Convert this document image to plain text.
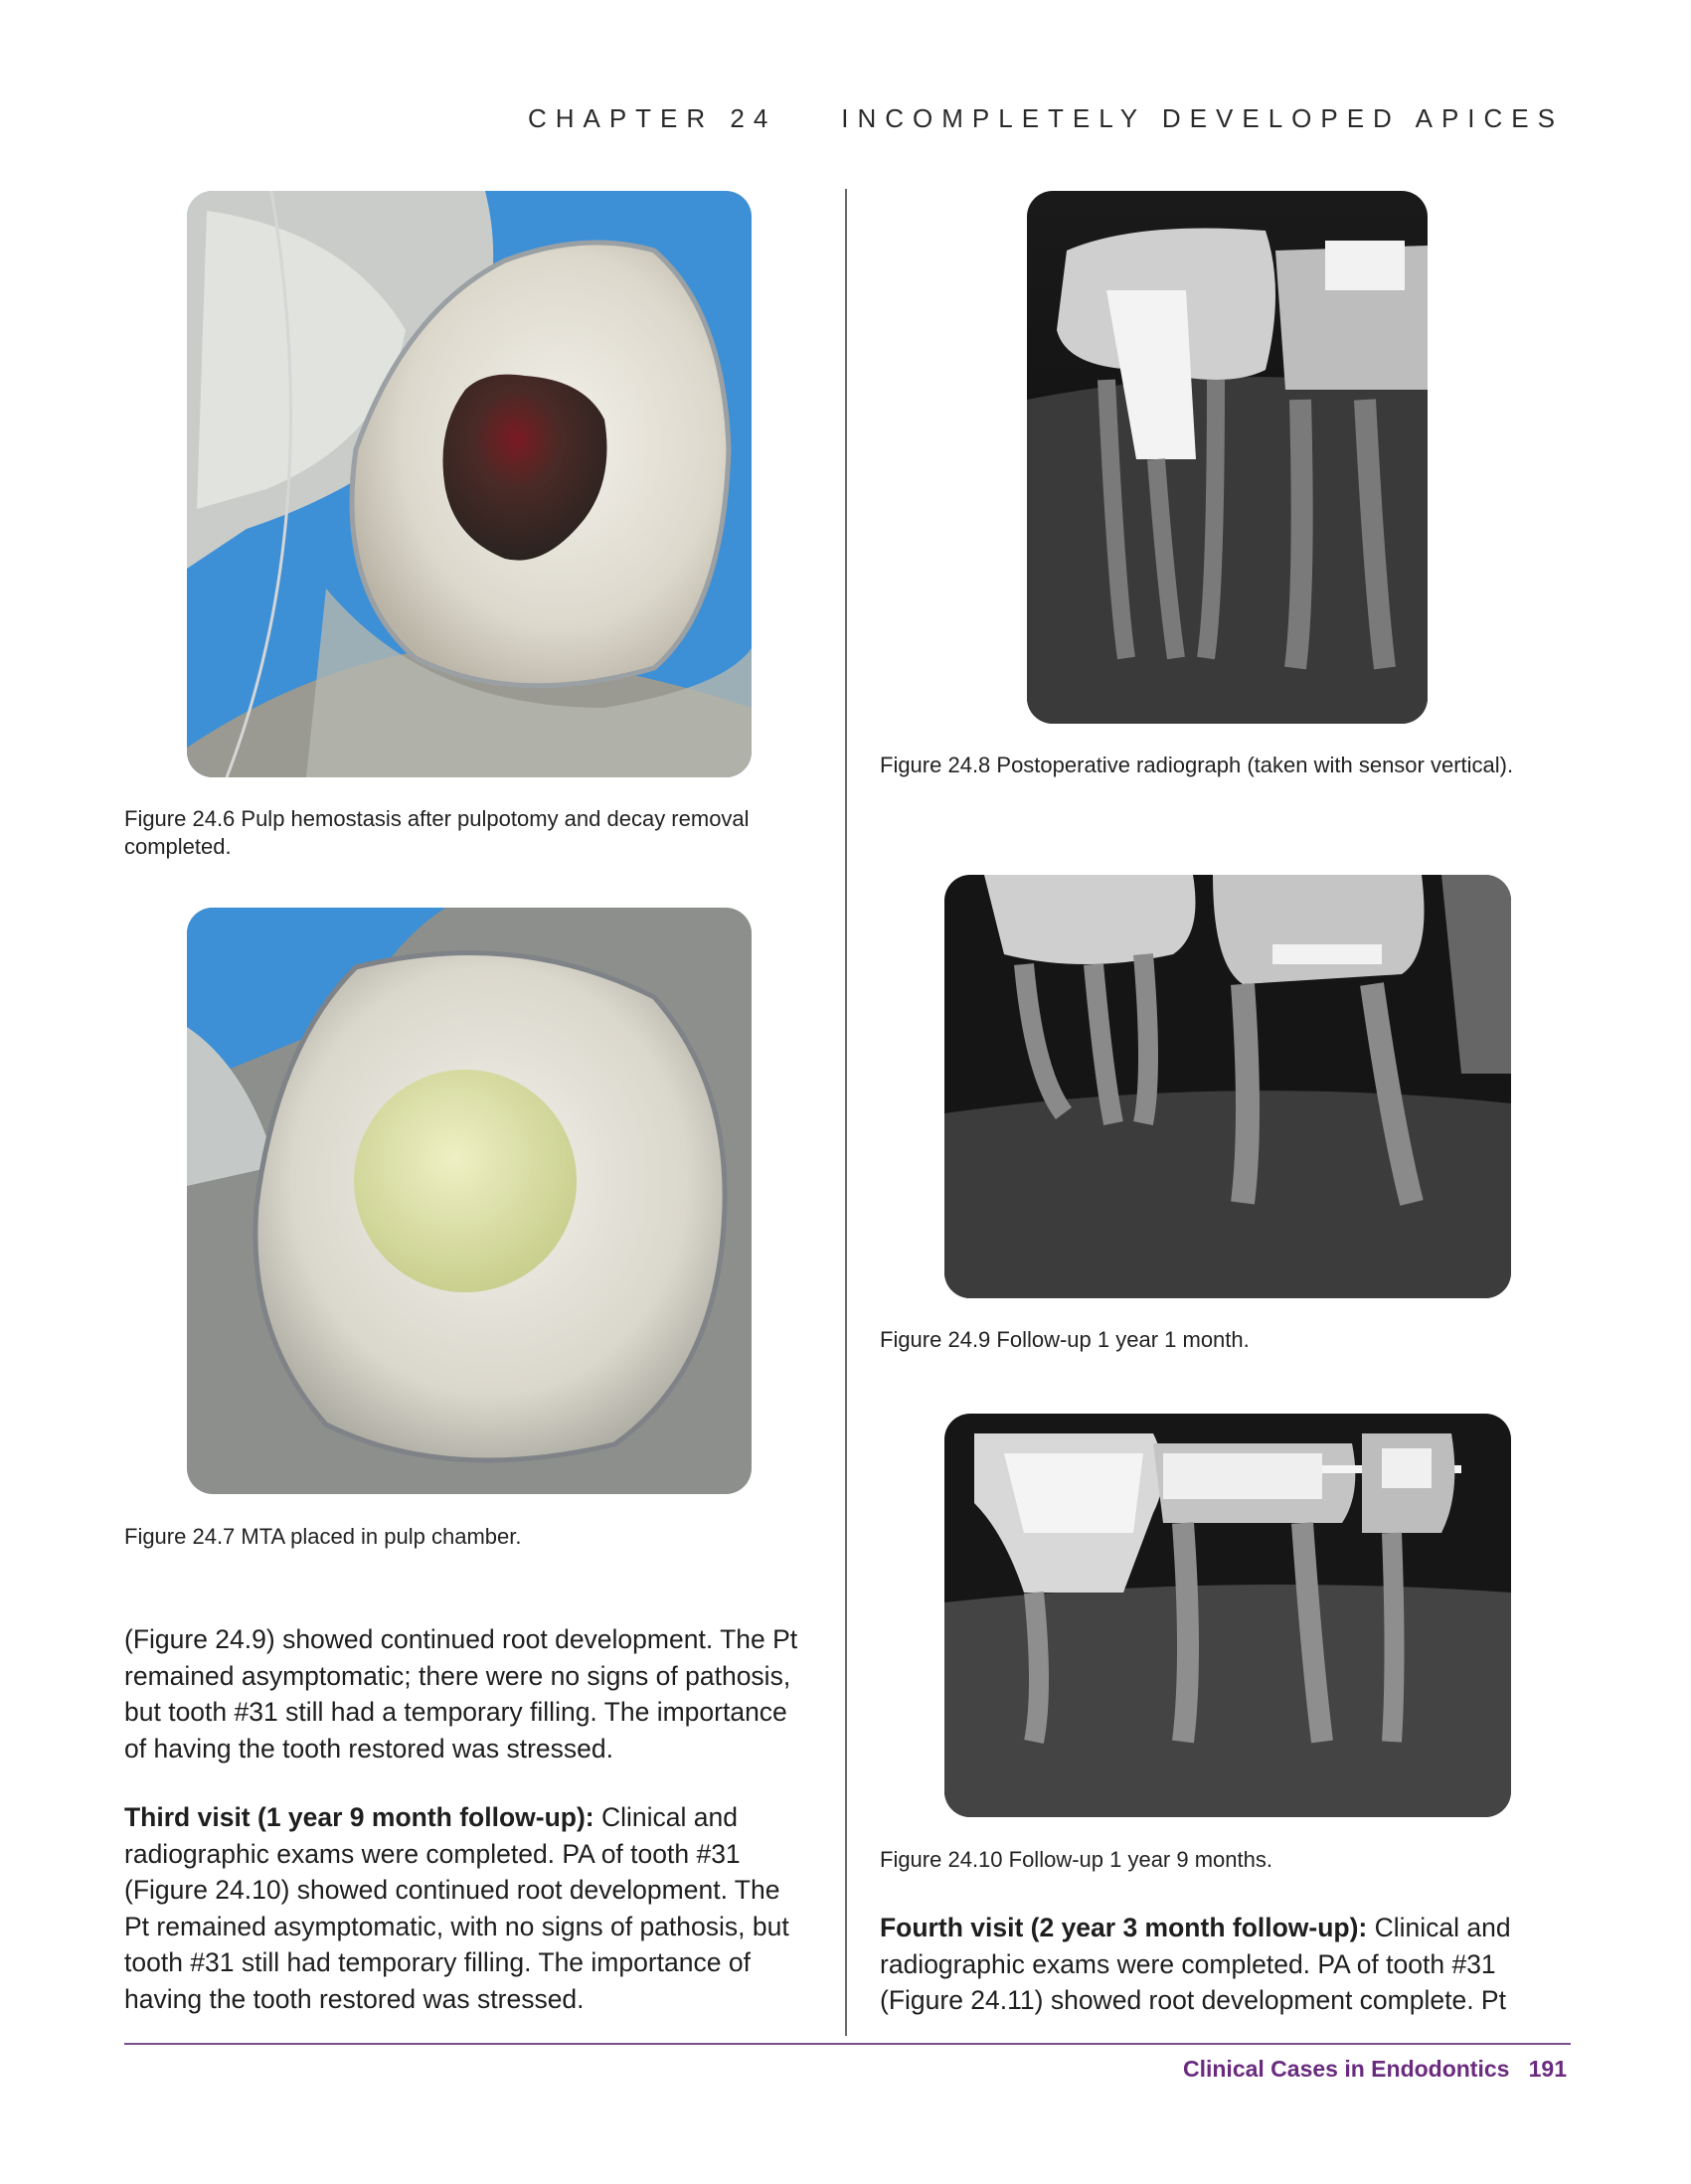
CHAPTER 24 INCOMPLETELY DEVELOPED APICES
Figure 24.6 Pulp hemostasis after pulpotomy and decay removal completed.
Figure 24.7 MTA placed in pulp chamber.
(Figure 24.9) showed continued root development. The Pt remained asymptomatic; there were no signs of pathosis, but tooth #31 still had a temporary filling. The importance of having the tooth restored was stressed.
Third visit (1 year 9 month follow-up): Clinical and radiographic exams were completed. PA of tooth #31 (Figure 24.10) showed continued root development. The Pt remained asymptomatic, with no signs of pathosis, but tooth #31 still had temporary filling. The importance of having the tooth restored was stressed.
Figure 24.8 Postoperative radiograph (taken with sensor vertical).
Figure 24.9 Follow-up 1 year 1 month.
Figure 24.10 Follow-up 1 year 9 months.
Fourth visit (2 year 3 month follow-up): Clinical and radiographic exams were completed. PA of tooth #31 (Figure 24.11) showed root development complete. Pt
Clinical Cases in Endodontics 191
